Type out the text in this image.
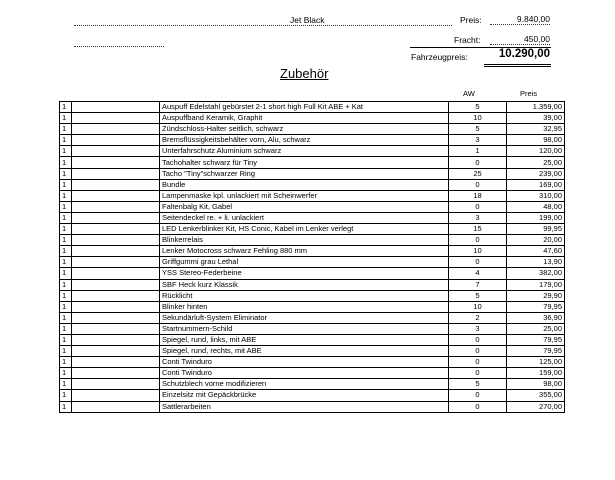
Jet Black	Preis:	9.840,00
Fracht:	450,00
Fahrzeugpreis:	10.290,00
Zubehör
AW	Preis
1		Auspuff Edelstahl gebürstet 2-1 short high Full Kit ABE + Kat	5	1.359,00
1		Auspuffband Keramik, Graphit	10	39,00
1		Zündschloss-Halter seitlich, schwarz	5	32,95
1		Bremsflüssigkeitsbehälter vorn, Alu, schwarz	3	98,00
1		Unterfahrschutz Aluminium schwarz	1	120,00
1		Tachohalter schwarz für Tiny	0	25,00
1		Tacho "Tiny"schwarzer Ring	25	239,00
1		Bundle	0	169,00
1		Lampenmaske kpl. unlackiert mit Scheinwerfer	18	310,00
1		Faltenbalg Kit, Gabel	0	48,00
1		Seitendeckel re. + li. unlackiert	3	199,00
1		LED Lenkerblinker Kit, HS Conic, Kabel im Lenker verlegt	15	99,95
1		Blinkerrelais	0	20,00
1		Lenker Motocross schwarz Fehling 880 mm	10	47,60
1		Griffgummi grau Lethal	0	13,90
1		YSS Stereo-Federbeine	4	382,00
1		SBF Heck kurz Klassik	7	179,00
1		Rücklicht	5	29,90
1		Blinker hinten	10	79,95
1		Sekundärluft-System Eliminator	2	36,90
1		Startnummern-Schild	3	25,00
1		Spiegel, rund, links, mit ABE	0	79,95
1		Spiegel, rund, rechts, mit ABE	0	79,95
1		Conti Twinduro	0	125,00
1		Conti Twinduro	0	159,00
1		Schutzblech vorne modifizieren	5	98,00
1		Einzelsitz mit Gepäckbrücke	0	355,00
1		Sattlerarbeiten	0	270,00
